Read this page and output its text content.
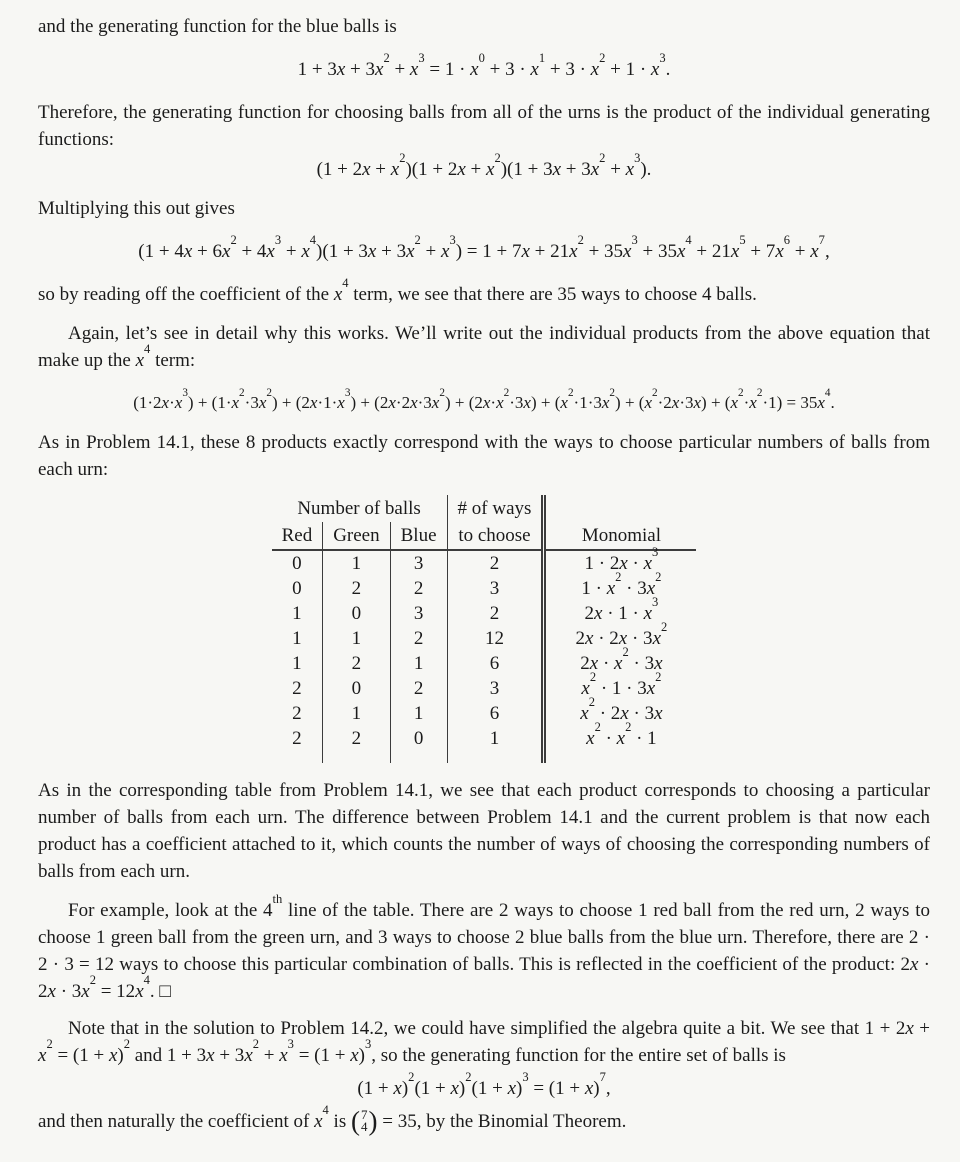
and the generating function for the blue balls is

$1 + 3x + 3x^2 + x^3 = 1 \cdot x^0 + 3 \cdot x^1 + 3 \cdot x^2 + 1 \cdot x^3$.

Therefore, the generating function for choosing balls from all of the urns is the product of the individual generating functions:

$(1 + 2x + x^2)(1 + 2x + x^2)(1 + 3x + 3x^2 + x^3)$.

Multiplying this out gives

$(1 + 4x + 6x^2 + 4x^3 + x^4)(1 + 3x + 3x^2 + x^3) = 1 + 7x + 21x^2 + 35x^3 + 35x^4 + 21x^5 + 7x^6 + x^7$,

so by reading off the coefficient of the $x^4$ term, we see that there are 35 ways to choose 4 balls.

Again, let’s see in detail why this works. We’ll write out the individual products from the above equation that make up the $x^4$ term:

$(1\cdot 2x\cdot x^3) + (1\cdot x^2\cdot 3x^2) + (2x\cdot 1\cdot x^3) + (2x\cdot 2x\cdot 3x^2) + (2x\cdot x^2\cdot 3x) + (x^2\cdot 1\cdot 3x^2) + (x^2\cdot 2x\cdot 3x) + (x^2\cdot x^2\cdot 1) = 35x^4$.

As in Problem 14.1, these 8 products exactly correspond with the ways to choose particular numbers of balls from each urn:

Number of balls			# of ways	
Red	Green	Blue	to choose	Monomial
0	1	3	2	$1 \cdot 2x \cdot x^3$
0	2	2	3	$1 \cdot x^2 \cdot 3x^2$
1	0	3	2	$2x \cdot 1 \cdot x^3$
1	1	2	12	$2x \cdot 2x \cdot 3x^2$
1	2	1	6	$2x \cdot x^2 \cdot 3x$
2	0	2	3	$x^2 \cdot 1 \cdot 3x^2$
2	1	1	6	$x^2 \cdot 2x \cdot 3x$
2	2	0	1	$x^2 \cdot x^2 \cdot 1$

As in the corresponding table from Problem 14.1, we see that each product corresponds to choosing a particular number of balls from each urn. The difference between Problem 14.1 and the current problem is that now each product has a coefficient attached to it, which counts the number of ways of choosing the corresponding numbers of balls from each urn.

For example, look at the 4th line of the table. There are 2 ways to choose 1 red ball from the red urn, 2 ways to choose 1 green ball from the green urn, and 3 ways to choose 2 blue balls from the blue urn. Therefore, there are 2 · 2 · 3 = 12 ways to choose this particular combination of balls. This is reflected in the coefficient of the product: $2x \cdot 2x \cdot 3x^2 = 12x^4$. □

Note that in the solution to Problem 14.2, we could have simplified the algebra quite a bit. We see that $1 + 2x + x^2 = (1 + x)^2$ and $1 + 3x + 3x^2 + x^3 = (1 + x)^3$, so the generating function for the entire set of balls is

$(1 + x)^2(1 + x)^2(1 + x)^3 = (1 + x)^7$,

and then naturally the coefficient of $x^4$ is ( 7
4 ) = 35, by the Binomial Theorem.
